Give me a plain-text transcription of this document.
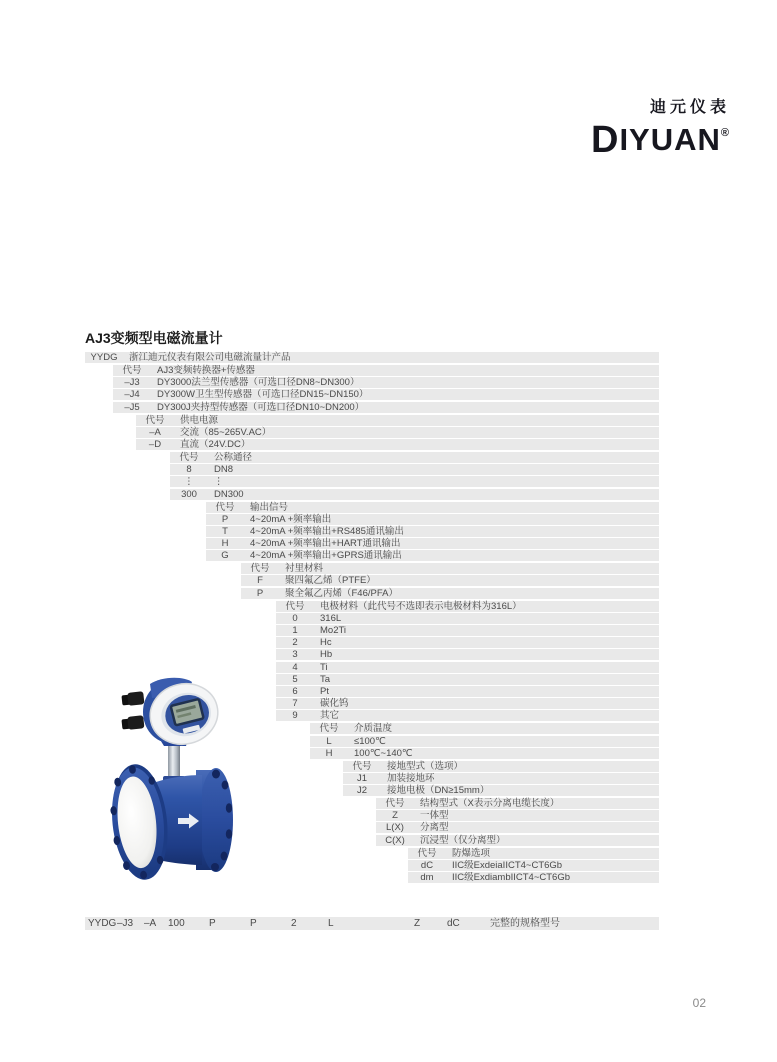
迪元仪表
DIYUAN®
AJ3变频型电磁流量计
YYDG	浙江迪元仪表有限公司电磁流量计产品
代号	AJ3变频转换器+传感器
–J3	DY3000法兰型传感器（可选口径DN8~DN300）
–J4	DY300W卫生型传感器（可选口径DN15~DN150）
–J5	DY300J夹持型传感器（可选口径DN10~DN200）
代号	供电电源
–A	交流（85~265V.AC）
–D	直流（24V.DC）
代号	公称通径
8	DN8
⋮	⋮
300	DN300
代号	输出信号
P	4~20mA +频率输出
T	4~20mA +频率输出+RS485通讯输出
H	4~20mA +频率输出+HART通讯输出
G	4~20mA +频率输出+GPRS通讯输出
代号	衬里材料
F	聚四氟乙烯（PTFE）
P	聚全氟乙丙烯（F46/PFA）
代号	电极材料（此代号不选即表示电极材料为316L）
0	316L
1	Mo2Ti
2	Hc
3	Hb
4	Ti
5	Ta
6	Pt
7	碳化钨
9	其它
代号	介质温度
L	≤100℃
H	100℃~140℃
代号	接地型式（选项）
J1	加装接地环
J2	接地电极（DN≥15mm）
代号	结构型式（X表示分离电缆长度）
Z	一体型
L(X)	分离型
C(X)	沉浸型（仅分离型）
代号	防爆选项
dC	IIC级ExdeiaIICT4~CT6Gb
dm	IIC级ExdiambIICT4~CT6Gb
YYDG –J3 –A 100 P	P	2	L	Z	dC	完整的规格型号
02
